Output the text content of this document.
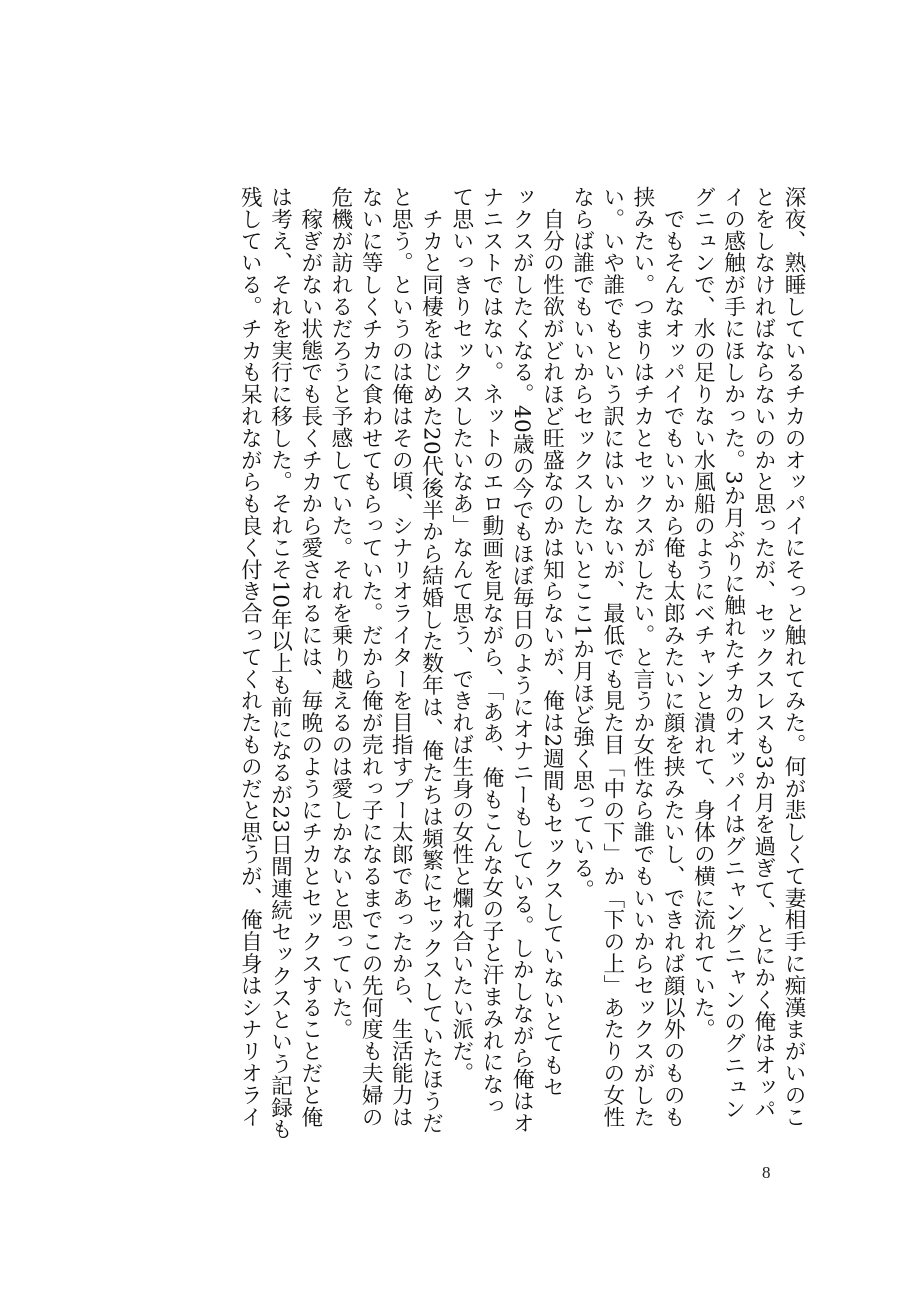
深夜、熟睡しているチカのオッパイにそっと触れてみた。何が悲しくて妻相手に痴漢まがいのこ
とをしなければならないのかと思ったが、セックスレスも3か月を過ぎて、とにかく俺はオッパ
イの感触が手にほしかった。3か月ぶりに触れたチカのオッパイはグニャングニャンのグニュン
グニュンで、水の足りない水風船のようにベチャンと潰れて、身体の横に流れていた。
　でもそんなオッパイでもいいから俺も太郎みたいに顔を挟みたいし、できれば顔以外のものも
挟みたい。つまりはチカとセックスがしたい。と言うか女性なら誰でもいいからセックスがした
い。いや誰でもという訳にはいかないが、最低でも見た目「中の下」か「下の上」あたりの女性
ならば誰でもいいからセックスしたいとここ1か月ほど強く思っている。
　自分の性欲がどれほど旺盛なのかは知らないが、俺は2週間もセックスしていないとてもセ
ックスがしたくなる。40歳の今でもほぼ毎日のようにオナニーもしている。しかしながら俺はオ
ナニストではない。ネットのエロ動画を見ながら、「ああ、俺もこんな女の子と汗まみれになっ
て思いっきりセックスしたいなあ」なんて思う、できれば生身の女性と爛れ合いたい派だ。
　チカと同棲をはじめた20代後半から結婚した数年は、俺たちは頻繁にセックスしていたほうだ
と思う。というのは俺はその頃、シナリオライターを目指すプー太郎であったから、生活能力は
ないに等しくチカに食わせてもらっていた。だから俺が売れっ子になるまでこの先何度も夫婦の
危機が訪れるだろうと予感していた。それを乗り越えるのは愛しかないと思っていた。
　稼ぎがない状態でも長くチカから愛されるには、毎晩のようにチカとセックスすることだと俺
は考え、それを実行に移した。それこそ10年以上も前になるが23日間連続セックスという記録も
残している。チカも呆れながらも良く付き合ってくれたものだと思うが、俺自身はシナリオライ
8
